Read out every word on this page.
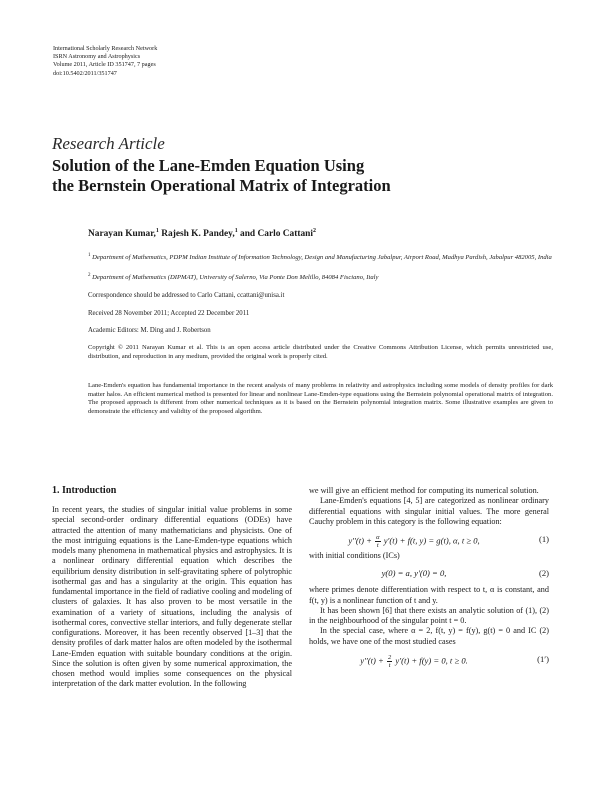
International Scholarly Research Network
ISRN Astronomy and Astrophysics
Volume 2011, Article ID 351747, 7 pages
doi:10.5402/2011/351747
Research Article
Solution of the Lane-Emden Equation Using
the Bernstein Operational Matrix of Integration
Narayan Kumar,$^1$ Rajesh K. Pandey,$^1$ and Carlo Cattani$^2$
$^1$ Department of Mathematics, PDPM Indian Institute of Information Technology, Design and Manufacturing Jabalpur, Airport Road, Madhya Pardish, Jabalpur 482005, India
$^2$ Department of Mathematics (DIPMAT), University of Salerno, Via Ponte Don Melillo, 84084 Fisciano, Italy
Correspondence should be addressed to Carlo Cattani, ccattani@unisa.it
Received 28 November 2011; Accepted 22 December 2011
Academic Editors: M. Ding and J. Robertson
Copyright © 2011 Narayan Kumar et al. This is an open access article distributed under the Creative Commons Attribution License, which permits unrestricted use, distribution, and reproduction in any medium, provided the original work is properly cited.
Lane-Emden's equation has fundamental importance in the recent analysis of many problems in relativity and astrophysics including some models of density profiles for dark matter halos. An efficient numerical method is presented for linear and nonlinear Lane-Emden-type equations using the Bernstein polynomial operational matrix of integration. The proposed approach is different from other numerical techniques as it is based on the Bernstein polynomial integration matrix. Some illustrative examples are given to demonstrate the efficiency and validity of the proposed algorithm.
1. Introduction

In recent years, the studies of singular initial value problems in some special second-order ordinary differential equations (ODEs) have attracted the attention of many mathematicians and physicists. One of the most intriguing equations is the Lane-Emden-type equations which models many phenomena in mathematical physics and astrophysics. It is a nonlinear ordinary differential equation which describes the equilibrium density distribution in self-gravitating sphere of polytrophic isothermal gas and has a singularity at the origin. This equation has fundamental importance in the field of radiative cooling and modeling of clusters of galaxies. It has also proven to be most versatile in the examination of a variety of situations, including the analysis of isothermal cores, convective stellar interiors, and fully degenerate stellar configurations. Moreover, it has been recently observed [1–3] that the density profiles of dark matter halos are often modeled by the isothermal Lane-Emden equation with suitable boundary conditions at the origin. Since the solution is often given by some numerical approximation, the chosen method would implies some consequences on the physical interpretation of the dark matter evolution. In the following

we will give an efficient method for computing its numerical solution.

Lane-Emden's equations [4, 5] are categorized as nonlinear ordinary differential equations with singular initial values. The more general Cauchy problem in this category is the following equation:

$y''(t) + \frac{\alpha}{t} y'(t) + f(t$, y) = g(t), α, t ≥ 0,	(1)

with initial conditions (ICs)

y(0) = a, y′(0) = 0,	(2)

where primes denote differentiation with respect to t, α is constant, and f(t, y) is a nonlinear function of t and y.

It has been shown [6] that there exists an analytic solution of (1), (2) in the neighbourhood of the singular point t = 0.

In the special case, where α = 2, f(t, y) = f(y), g(t) = 0 and IC (2) holds, we have one of the most studied cases

$y''(t) + \frac{2}{t} y'(t) + f(y) = 0$, t ≥ 0.	(1′)
